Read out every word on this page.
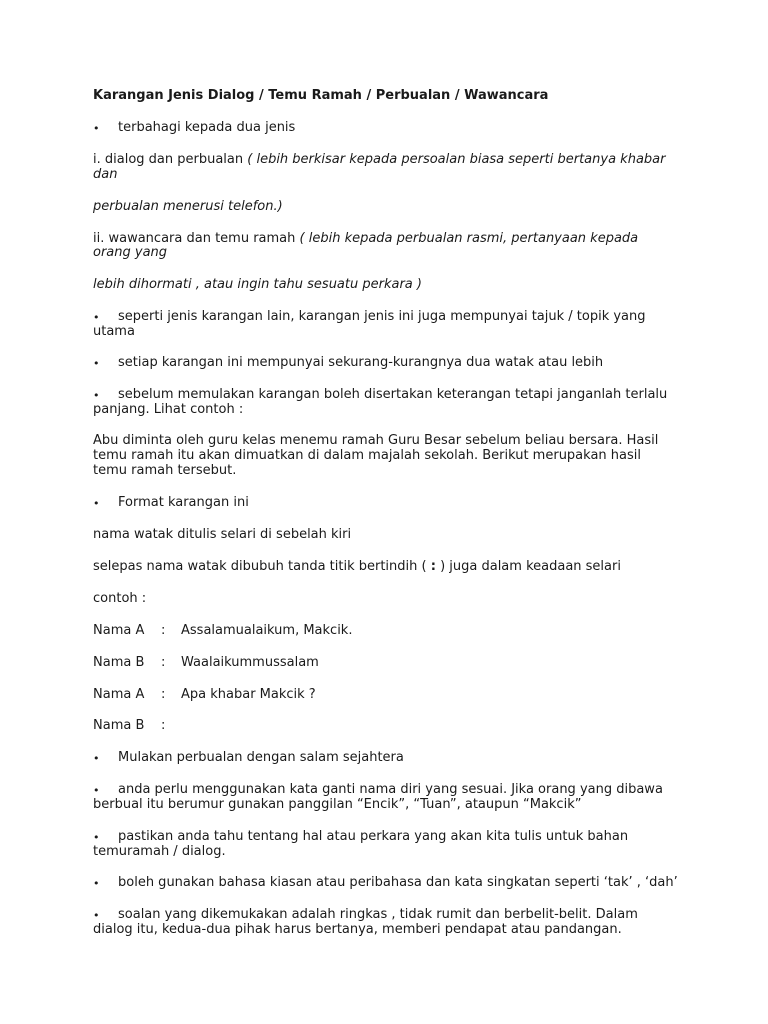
Karangan Jenis Dialog / Temu Ramah / Perbualan / Wawancara
• terbahagi kepada dua jenis
i. dialog dan perbualan ( lebih berkisar kepada persoalan biasa seperti bertanya khabar
dan
perbualan menerusi telefon.)
ii. wawancara dan temu ramah ( lebih kepada perbualan rasmi, pertanyaan kepada
orang yang
lebih dihormati , atau ingin tahu sesuatu perkara )
• seperti jenis karangan lain, karangan jenis ini juga mempunyai tajuk / topik yang
utama
• setiap karangan ini mempunyai sekurang-kurangnya dua watak atau lebih
• sebelum memulakan karangan boleh disertakan keterangan tetapi janganlah terlalu
panjang. Lihat contoh :
Abu diminta oleh guru kelas menemu ramah Guru Besar sebelum beliau bersara. Hasil
temu ramah itu akan dimuatkan di dalam majalah sekolah. Berikut merupakan hasil
temu ramah tersebut.
• Format karangan ini
nama watak ditulis selari di sebelah kiri
selepas nama watak dibubuh tanda titik bertindih ( : ) juga dalam keadaan selari
contoh :
Nama A : Assalamualaikum, Makcik.
Nama B : Waalaikummussalam
Nama A : Apa khabar Makcik ?
Nama B :
• Mulakan perbualan dengan salam sejahtera
• anda perlu menggunakan kata ganti nama diri yang sesuai. Jika orang yang dibawa
berbual itu berumur gunakan panggilan “Encik”, “Tuan”, ataupun “Makcik”
• pastikan anda tahu tentang hal atau perkara yang akan kita tulis untuk bahan
temuramah / dialog.
• boleh gunakan bahasa kiasan atau peribahasa dan kata singkatan seperti ‘tak’ , ‘dah’
• soalan yang dikemukakan adalah ringkas , tidak rumit dan berbelit-belit. Dalam
dialog itu, kedua-dua pihak harus bertanya, memberi pendapat atau pandangan.
